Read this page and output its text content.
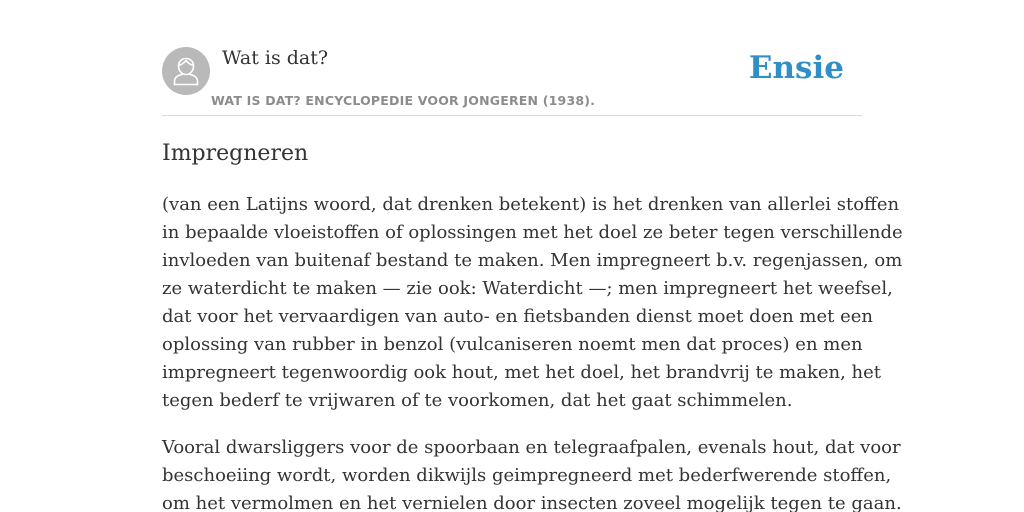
Wat is dat?
WAT IS DAT? ENCYCLOPEDIE VOOR JONGEREN (1938).
Ensie
Impregneren

(van een Latijns woord, dat drenken betekent) is het drenken van allerlei stoffen
in bepaalde vloeistoffen of oplossingen met het doel ze beter tegen verschillende
invloeden van buitenaf bestand te maken. Men impregneert b.v. regenjassen, om
ze waterdicht te maken — zie ook: Waterdicht —; men impregneert het weefsel,
dat voor het vervaardigen van auto- en fietsbanden dienst moet doen met een
oplossing van rubber in benzol (vulcaniseren noemt men dat proces) en men
impregneert tegenwoordig ook hout, met het doel, het brandvrij te maken, het
tegen bederf te vrijwaren of te voorkomen, dat het gaat schimmelen.

Vooral dwarsliggers voor de spoorbaan en telegraafpalen, evenals hout, dat voor
beschoeiing wordt, worden dikwijls geimpregneerd met bederfwerende stoffen,
om het vermolmen en het vernielen door insecten zoveel mogelijk tegen te gaan.
